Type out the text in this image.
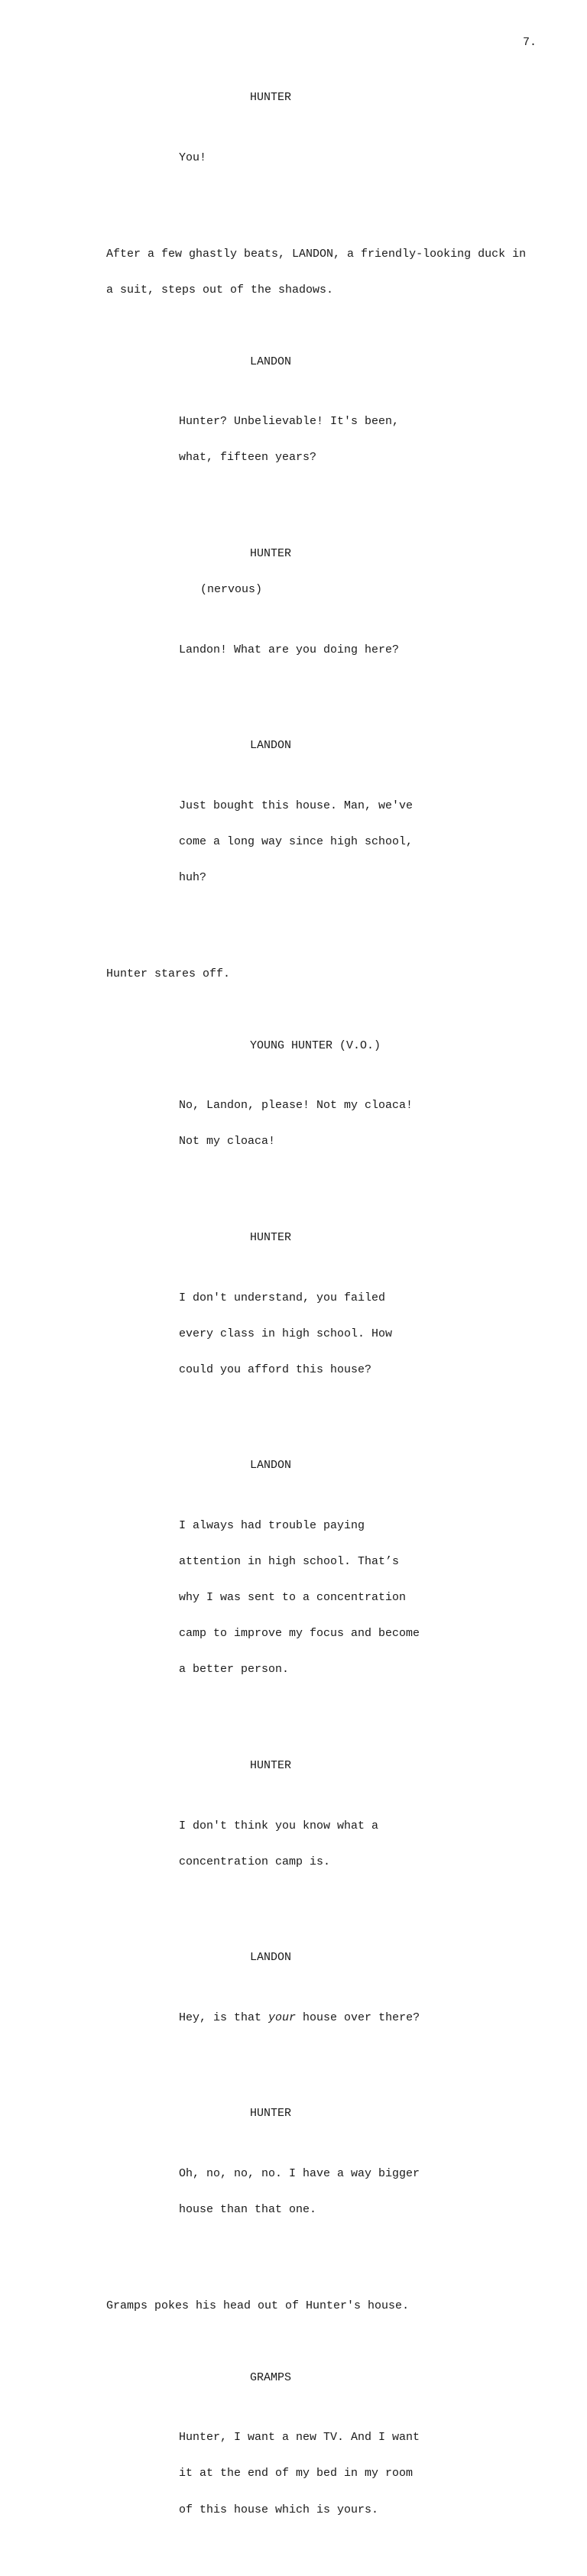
7.

HUNTER

You!

After a few ghastly beats, LANDON, a friendly-looking duck in

a suit, steps out of the shadows.

LANDON

Hunter? Unbelievable! It's been,

what, fifteen years?

HUNTER

(nervous)

Landon! What are you doing here?

LANDON

Just bought this house. Man, we've

come a long way since high school,

huh?

Hunter stares off.

YOUNG HUNTER (V.O.)

No, Landon, please! Not my cloaca!

Not my cloaca!

HUNTER

I don't understand, you failed

every class in high school. How

could you afford this house?

LANDON

I always had trouble paying

attention in high school. That’s

why I was sent to a concentration

camp to improve my focus and become

a better person.

HUNTER

I don't think you know what a

concentration camp is.

LANDON

Hey, is that your house over there?

HUNTER

Oh, no, no, no. I have a way bigger

house than that one.

Gramps pokes his head out of Hunter's house.

GRAMPS

Hunter, I want a new TV. And I want

it at the end of my bed in my room

of this house which is yours.
